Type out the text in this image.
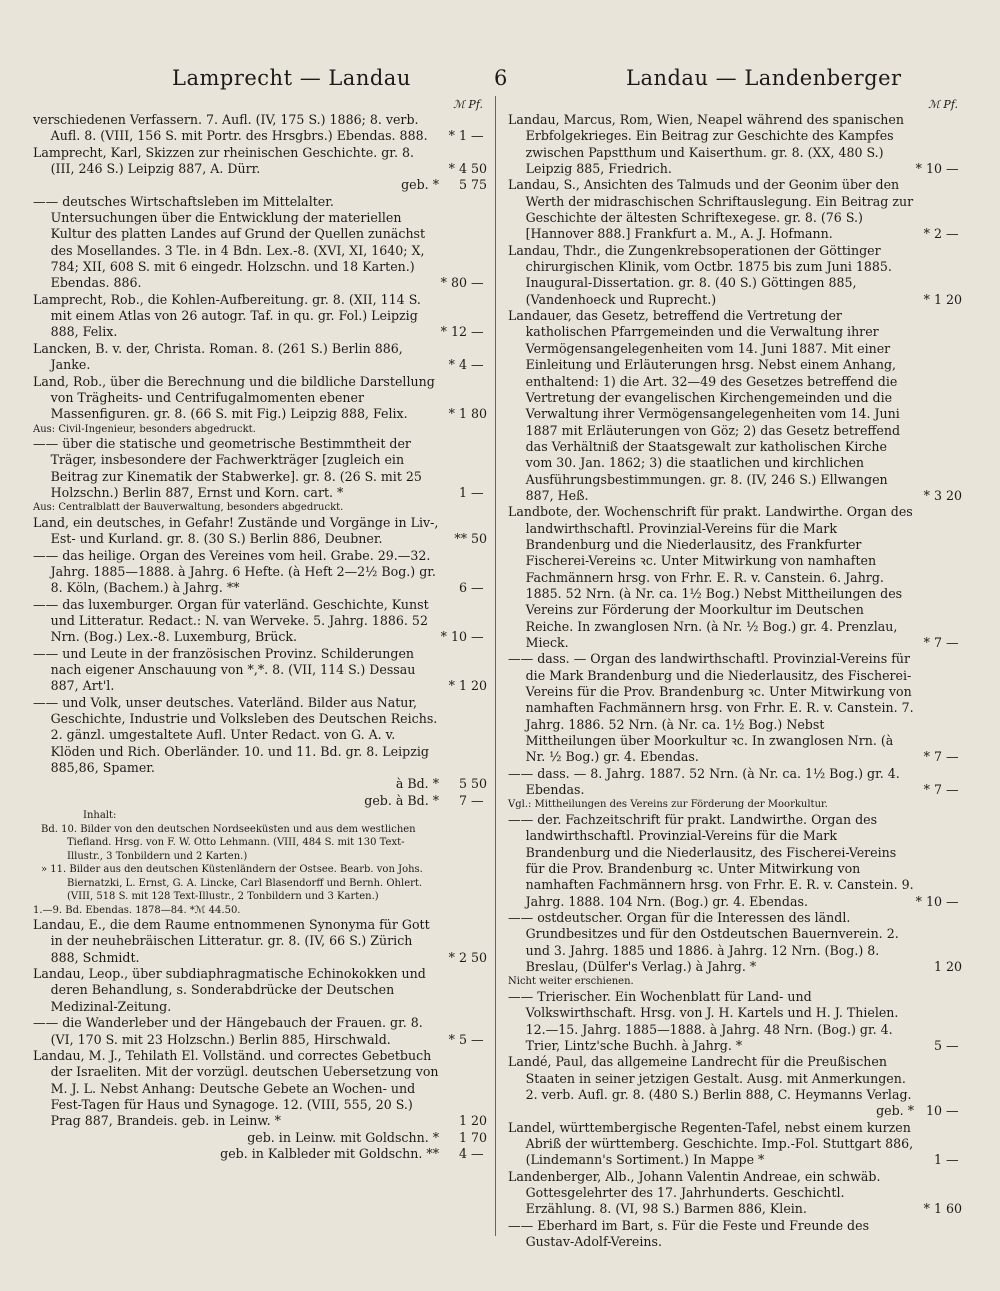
Lamprecht — Landau	6	Landau — Landenberger
ℳ Pf.
verschiedenen Verfassern. 7. Aufl. (IV, 175 S.) 1886; 8. verb. Aufl. 8. (VIII, 156 S. mit Portr. des Hrsgbrs.) Ebendas. 888.	* 1 —
Lamprecht, Karl, Skizzen zur rheinischen Geschichte. gr. 8. (III, 246 S.) Leipzig 887, A. Dürr.	* 4 50
geb. * 5 75
—— deutsches Wirtschaftsleben im Mittelalter. Untersuchungen über die Entwicklung der materiellen Kultur des platten Landes auf Grund der Quellen zunächst des Mosellandes. 3 Tle. in 4 Bdn. Lex.-8. (XVI, XI, 1640; X, 784; XII, 608 S. mit 6 eingedr. Holzschn. und 18 Karten.) Ebendas. 886.	* 80 —
Lamprecht, Rob., die Kohlen-Aufbereitung. gr. 8. (XII, 114 S. mit einem Atlas von 26 autogr. Taf. in qu. gr. Fol.) Leipzig 888, Felix.	* 12 —
Lancken, B. v. der, Christa. Roman. 8. (261 S.) Berlin 886, Janke.	* 4 —
Land, Rob., über die Berechnung und die bildliche Darstellung von Trägheits- und Centrifugalmomenten ebener Massenfiguren. gr. 8. (66 S. mit Fig.) Leipzig 888, Felix.	* 1 80
Aus: Civil-Ingenieur, besonders abgedruckt.
—— über die statische und geometrische Bestimmtheit der Träger, insbesondere der Fachwerkträger [zugleich ein Beitrag zur Kinematik der Stabwerke]. gr. 8. (26 S. mit 25 Holzschn.) Berlin 887, Ernst und Korn. cart. *	1 —
Aus: Centralblatt der Bauverwaltung, besonders abgedruckt.
Land, ein deutsches, in Gefahr! Zustände und Vorgänge in Liv-, Est- und Kurland. gr. 8. (30 S.) Berlin 886, Deubner.	** 50
—— das heilige. Organ des Vereines vom heil. Grabe. 29.—32. Jahrg. 1885—1888. à Jahrg. 6 Hefte. (à Heft 2—2½ Bog.) gr. 8. Köln, (Bachem.) à Jahrg. **	6 —
—— das luxemburger. Organ für vaterländ. Geschichte, Kunst und Litteratur. Redact.: N. van Werveke. 5. Jahrg. 1886. 52 Nrn. (Bog.) Lex.-8. Luxemburg, Brück.	* 10 —
—— und Leute in der französischen Provinz. Schilderungen nach eigener Anschauung von *,*. 8. (VII, 114 S.) Dessau 887, Art'l.	* 1 20
—— und Volk, unser deutsches. Vaterländ. Bilder aus Natur, Geschichte, Industrie und Volksleben des Deutschen Reichs. 2. gänzl. umgestaltete Aufl. Unter Redact. von G. A. v. Klöden und Rich. Oberländer. 10. und 11. Bd. gr. 8. Leipzig 885,86, Spamer.
à Bd. * 5 50
geb. à Bd. * 7 —
Inhalt:
Bd. 10. Bilder von den deutschen Nordseeküsten und aus dem westlichen Tiefland. Hrsg. von F. W. Otto Lehmann. (VIII, 484 S. mit 130 Text-Illustr., 3 Tonbildern und 2 Karten.)
» 11. Bilder aus den deutschen Küstenländern der Ostsee. Bearb. von Johs. Biernatzki, L. Ernst, G. A. Lincke, Carl Blasendorff und Bernh. Ohlert. (VIII, 518 S. mit 128 Text-Illustr., 2 Tonbildern und 3 Karten.)
1.—9. Bd. Ebendas. 1878—84. *ℳ 44.50.
Landau, E., die dem Raume entnommenen Synonyma für Gott in der neuhebräischen Litteratur. gr. 8. (IV, 66 S.) Zürich 888, Schmidt.	* 2 50
Landau, Leop., über subdiaphragmatische Echinokokken und deren Behandlung, s. Sonderabdrücke der Deutschen Medizinal-Zeitung.
—— die Wanderleber und der Hängebauch der Frauen. gr. 8. (VI, 170 S. mit 23 Holzschn.) Berlin 885, Hirschwald.	* 5 —
Landau, M. J., Tehilath El. Vollständ. und correctes Gebetbuch der Israeliten. Mit der vorzügl. deutschen Uebersetzung von M. J. L. Nebst Anhang: Deutsche Gebete an Wochen- und Fest-Tagen für Haus und Synagoge. 12. (VIII, 555, 20 S.) Prag 887, Brandeis. geb. in Leinw. *	1 20
geb. in Leinw. mit Goldschn. * 1 70
geb. in Kalbleder mit Goldschn. ** 4 —
ℳ Pf.
Landau, Marcus, Rom, Wien, Neapel während des spanischen Erbfolgekrieges. Ein Beitrag zur Geschichte des Kampfes zwischen Papstthum und Kaiserthum. gr. 8. (XX, 480 S.) Leipzig 885, Friedrich.	* 10 —
Landau, S., Ansichten des Talmuds und der Geonim über den Werth der midraschischen Schriftauslegung. Ein Beitrag zur Geschichte der ältesten Schriftexegese. gr. 8. (76 S.) [Hannover 888.] Frankfurt a. M., A. J. Hofmann.	* 2 —
Landau, Thdr., die Zungenkrebsoperationen der Göttinger chirurgischen Klinik, vom Octbr. 1875 bis zum Juni 1885. Inaugural-Dissertation. gr. 8. (40 S.) Göttingen 885, (Vandenhoeck und Ruprecht.)	* 1 20
Landauer, das Gesetz, betreffend die Vertretung der katholischen Pfarrgemeinden und die Verwaltung ihrer Vermögensangelegenheiten vom 14. Juni 1887. Mit einer Einleitung und Erläuterungen hrsg. Nebst einem Anhang, enthaltend: 1) die Art. 32—49 des Gesetzes betreffend die Vertretung der evangelischen Kirchengemeinden und die Verwaltung ihrer Vermögensangelegenheiten vom 14. Juni 1887 mit Erläuterungen von Göz; 2) das Gesetz betreffend das Verhältniß der Staatsgewalt zur katholischen Kirche vom 30. Jan. 1862; 3) die staatlichen und kirchlichen Ausführungsbestimmungen. gr. 8. (IV, 246 S.) Ellwangen 887, Heß.	* 3 20
Landbote, der. Wochenschrift für prakt. Landwirthe. Organ des landwirthschaftl. Provinzial-Vereins für die Mark Brandenburg und die Niederlausitz, des Frankfurter Fischerei-Vereins ꝛc. Unter Mitwirkung von namhaften Fachmännern hrsg. von Frhr. E. R. v. Canstein. 6. Jahrg. 1885. 52 Nrn. (à Nr. ca. 1½ Bog.) Nebst Mittheilungen des Vereins zur Förderung der Moorkultur im Deutschen Reiche. In zwanglosen Nrn. (à Nr. ½ Bog.) gr. 4. Prenzlau, Mieck.	* 7 —
—— dass. — Organ des landwirthschaftl. Provinzial-Vereins für die Mark Brandenburg und die Niederlausitz, des Fischerei-Vereins für die Prov. Brandenburg ꝛc. Unter Mitwirkung von namhaften Fachmännern hrsg. von Frhr. E. R. v. Canstein. 7. Jahrg. 1886. 52 Nrn. (à Nr. ca. 1½ Bog.) Nebst Mittheilungen über Moorkultur ꝛc. In zwanglosen Nrn. (à Nr. ½ Bog.) gr. 4. Ebendas.	* 7 —
—— dass. — 8. Jahrg. 1887. 52 Nrn. (à Nr. ca. 1½ Bog.) gr. 4. Ebendas.	* 7 —
Vgl.: Mittheilungen des Vereins zur Förderung der Moorkultur.
—— der. Fachzeitschrift für prakt. Landwirthe. Organ des landwirthschaftl. Provinzial-Vereins für die Mark Brandenburg und die Niederlausitz, des Fischerei-Vereins für die Prov. Brandenburg ꝛc. Unter Mitwirkung von namhaften Fachmännern hrsg. von Frhr. E. R. v. Canstein. 9. Jahrg. 1888. 104 Nrn. (Bog.) gr. 4. Ebendas.	* 10 —
—— ostdeutscher. Organ für die Interessen des ländl. Grundbesitzes und für den Ostdeutschen Bauernverein. 2. und 3. Jahrg. 1885 und 1886. à Jahrg. 12 Nrn. (Bog.) 8. Breslau, (Dülfer's Verlag.) à Jahrg. *	1 20
Nicht weiter erschienen.
—— Trierischer. Ein Wochenblatt für Land- und Volkswirthschaft. Hrsg. von J. H. Kartels und H. J. Thielen. 12.—15. Jahrg. 1885—1888. à Jahrg. 48 Nrn. (Bog.) gr. 4. Trier, Lintz'sche Buchh. à Jahrg. *	5 —
Landé, Paul, das allgemeine Landrecht für die Preußischen Staaten in seiner jetzigen Gestalt. Ausg. mit Anmerkungen. 2. verb. Aufl. gr. 8. (480 S.) Berlin 888, C. Heymanns Verlag.
geb. * 10 —
Landel, württembergische Regenten-Tafel, nebst einem kurzen Abriß der württemberg. Geschichte. Imp.-Fol. Stuttgart 886, (Lindemann's Sortiment.) In Mappe *	1 —
Landenberger, Alb., Johann Valentin Andreae, ein schwäb. Gottesgelehrter des 17. Jahrhunderts. Geschichtl. Erzählung. 8. (VI, 98 S.) Barmen 886, Klein.	* 1 60
—— Eberhard im Bart, s. Für die Feste und Freunde des Gustav-Adolf-Vereins.
